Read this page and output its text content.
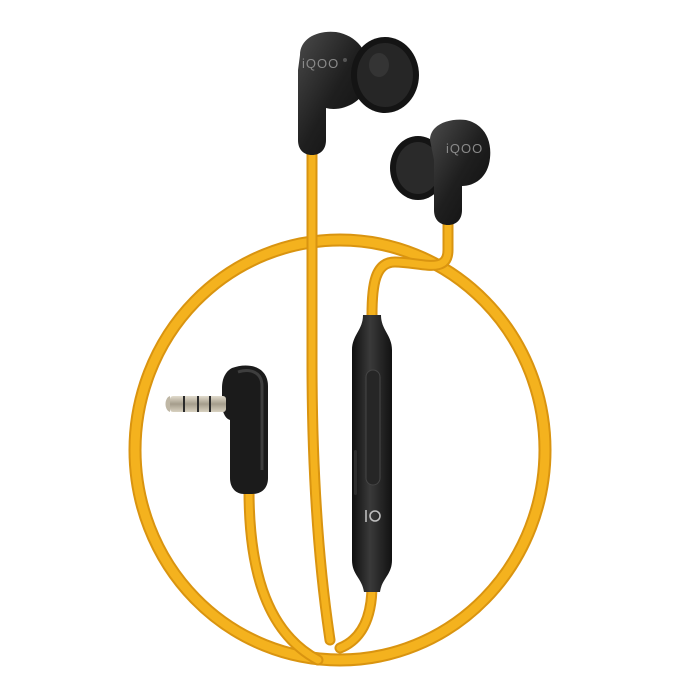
iQOO
iQOO
